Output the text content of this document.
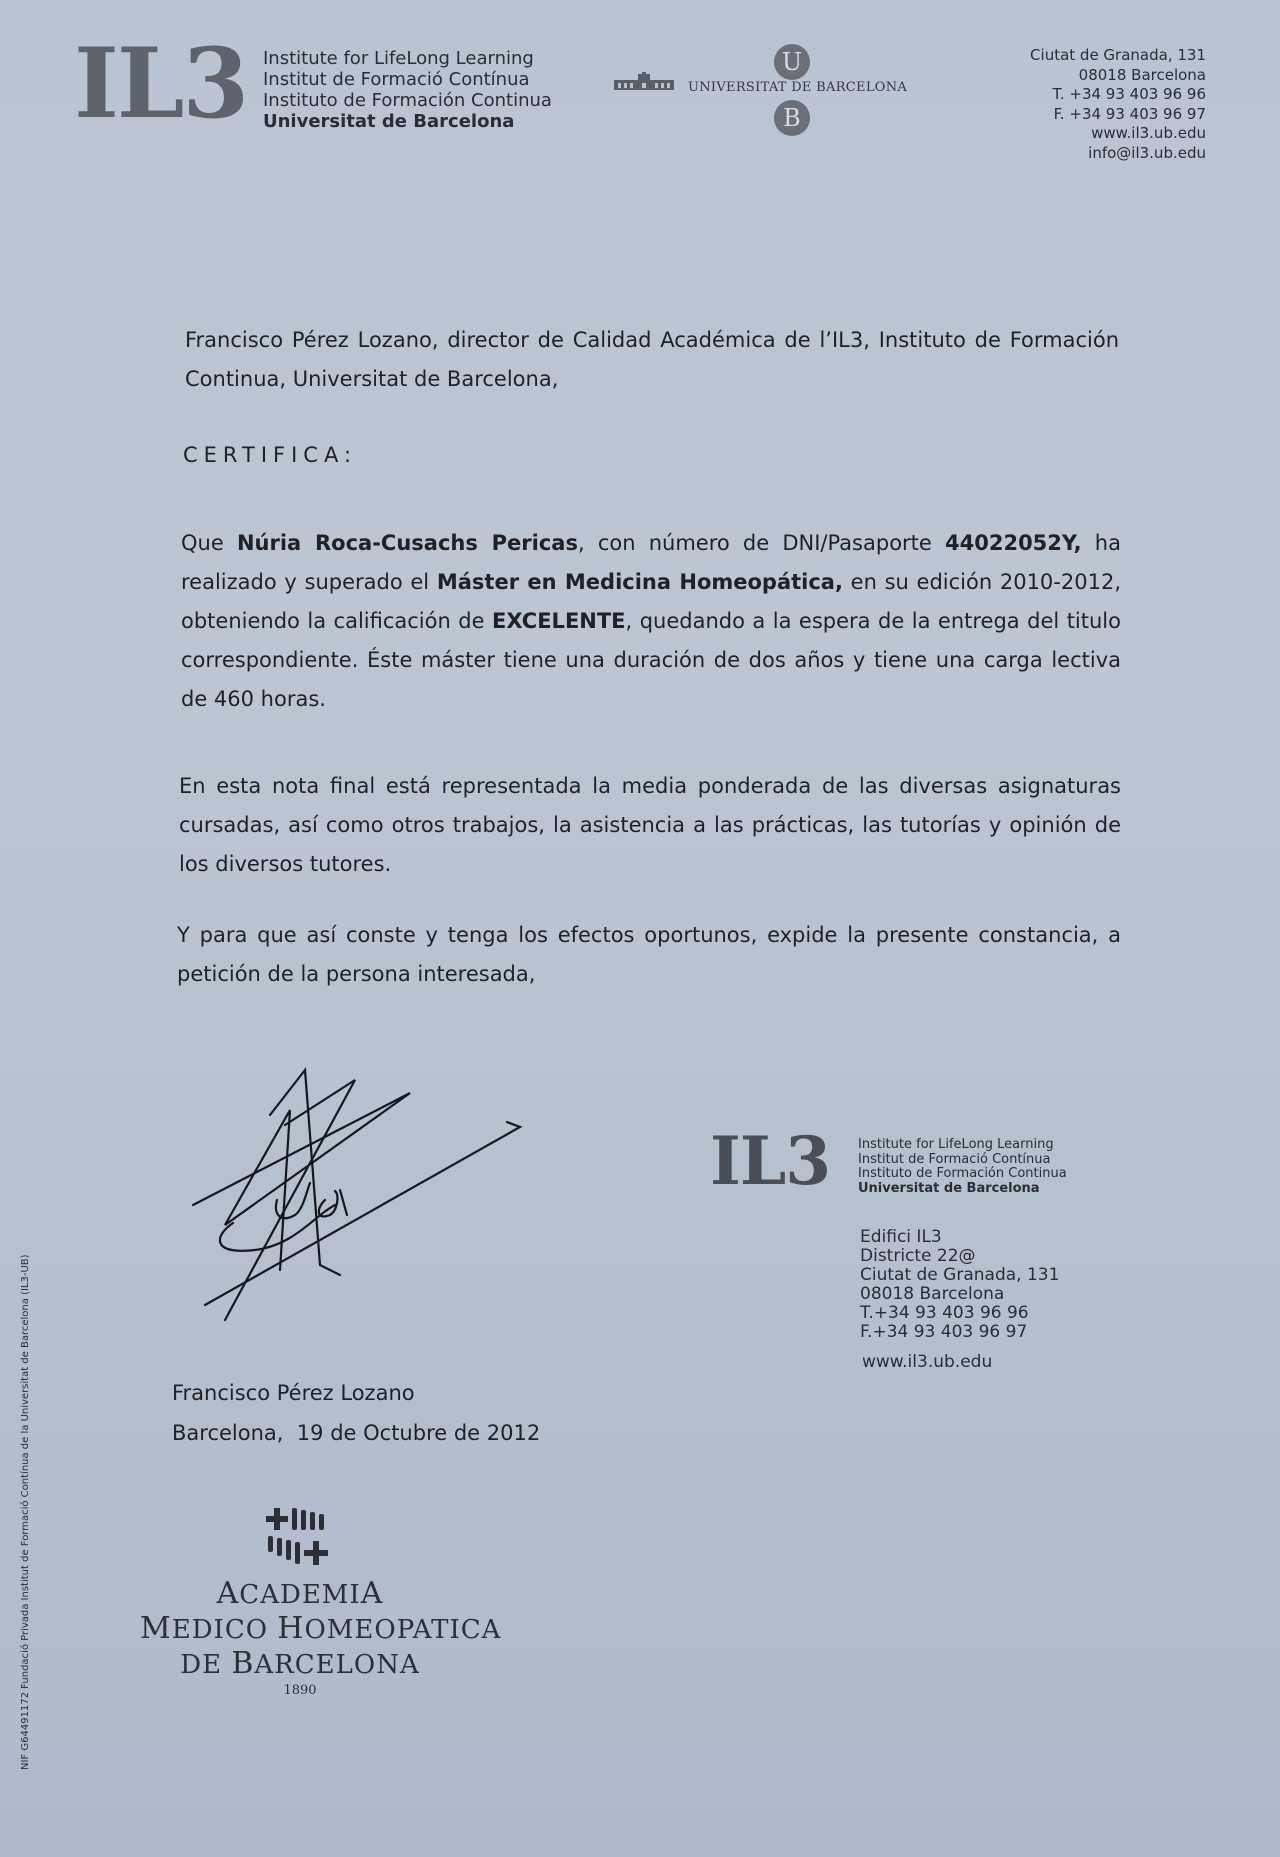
IL3 Institute for LifeLong Learning
Institut de Formació Contínua
Instituto de Formación Continua
Universitat de Barcelona
U
UNIVERSITAT DE BARCELONA
B
Ciutat de Granada, 131
08018 Barcelona
T. +34 93 403 96 96
F. +34 93 403 96 97
www.il3.ub.edu
info@il3.ub.edu
Francisco Pérez Lozano, director de Calidad Académica de l’IL3, Instituto de Formación Continua, Universitat de Barcelona,
CERTIFICA:
Que Núria Roca-Cusachs Pericas, con número de DNI/Pasaporte 44022052Y, ha realizado y superado el Máster en Medicina Homeopática, en su edición 2010-2012, obteniendo la calificación de EXCELENTE, quedando a la espera de la entrega del titulo correspondiente. Éste máster tiene una duración de dos años y tiene una carga lectiva de 460 horas.
En esta nota final está representada la media ponderada de las diversas asignaturas cursadas, así como otros trabajos, la asistencia a las prácticas, las tutorías y opinión de los diversos tutores.
Y para que así conste y tenga los efectos oportunos, expide la presente constancia, a petición de la persona interesada,
IL3 Institute for LifeLong Learning
Institut de Formació Contínua
Instituto de Formación Continua
Universitat de Barcelona
Edifici IL3
Districte 22@
Ciutat de Granada, 131
08018 Barcelona
T.+34 93 403 96 96
F.+34 93 403 96 97
www.il3.ub.edu
Francisco Pérez Lozano
Barcelona,  19 de Octubre de 2012
ACADEMIA
MEDICO HOMEOPATICA
DE BARCELONA
1890
NIF G64491172 Fundació Privada Institut de Formació Contínua de la Universitat de Barcelona (IL3-UB)
